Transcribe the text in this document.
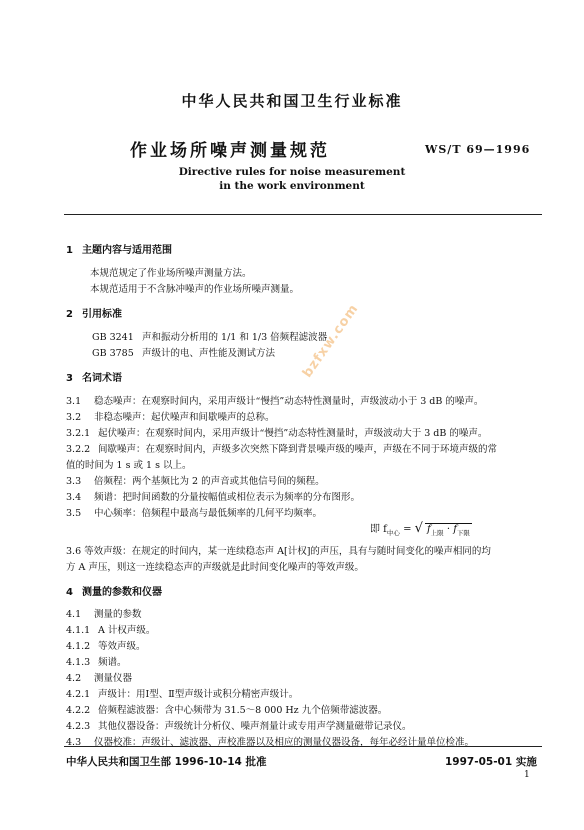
中华人民共和国卫生行业标准
作业场所噪声测量规范	WS/T 69—1996
Directive rules for noise measurement
in the work environment
bzfxw.com
1 主题内容与适用范围
本规范规定了作业场所噪声测量方法。
本规范适用于不含脉冲噪声的作业场所噪声测量。
2 引用标准
GB 3241 声和振动分析用的 1/1 和 1/3 倍频程滤波器
GB 3785 声级计的电、声性能及测试方法
3 名词术语
3.1 稳态噪声：在观察时间内，采用声级计“慢挡”动态特性测量时，声级波动小于 3 dB 的噪声。
3.2 非稳态噪声：起伏噪声和间歇噪声的总称。
3.2.1 起伏噪声：在观察时间内，采用声级计“慢挡”动态特性测量时，声级波动大于 3 dB 的噪声。
3.2.2 间歇噪声：在观察时间内，声级多次突然下降到背景噪声级的噪声，声级在不同于环境声级的常
值的时间为 1 s 或 1 s 以上。
3.3 倍频程：两个基频比为 2 的声音或其他信号间的频程。
3.4 频谱：把时间函数的分量按幅值或相位表示为频率的分布图形。
3.5 中心频率：倍频程中最高与最低频率的几何平均频率。
即 $f_{中心}$ = √ $f_{上限} \cdot f_{下限}$
3.6 等效声级：在规定的时间内，某一连续稳态声 A[计权]的声压，具有与随时间变化的噪声相同的均
方 A 声压，则这一连续稳态声的声级就是此时间变化噪声的等效声级。
4 测量的参数和仪器
4.1 测量的参数
4.1.1 A 计权声级。
4.1.2 等效声级。
4.1.3 频谱。
4.2 测量仪器
4.2.1 声级计：用Ⅰ型、Ⅱ型声级计或积分精密声级计。
4.2.2 倍频程滤波器：含中心频带为 31.5～8 000 Hz 九个倍频带滤波器。
4.2.3 其他仪器设备：声级统计分析仪、噪声剂量计或专用声学测量磁带记录仪。
4.3 仪器校准：声级计、滤波器、声校准器以及相应的测量仪器设备，每年必经计量单位检准。
中华人民共和国卫生部 1996-10-14 批准	1997-05-01 实施
1
